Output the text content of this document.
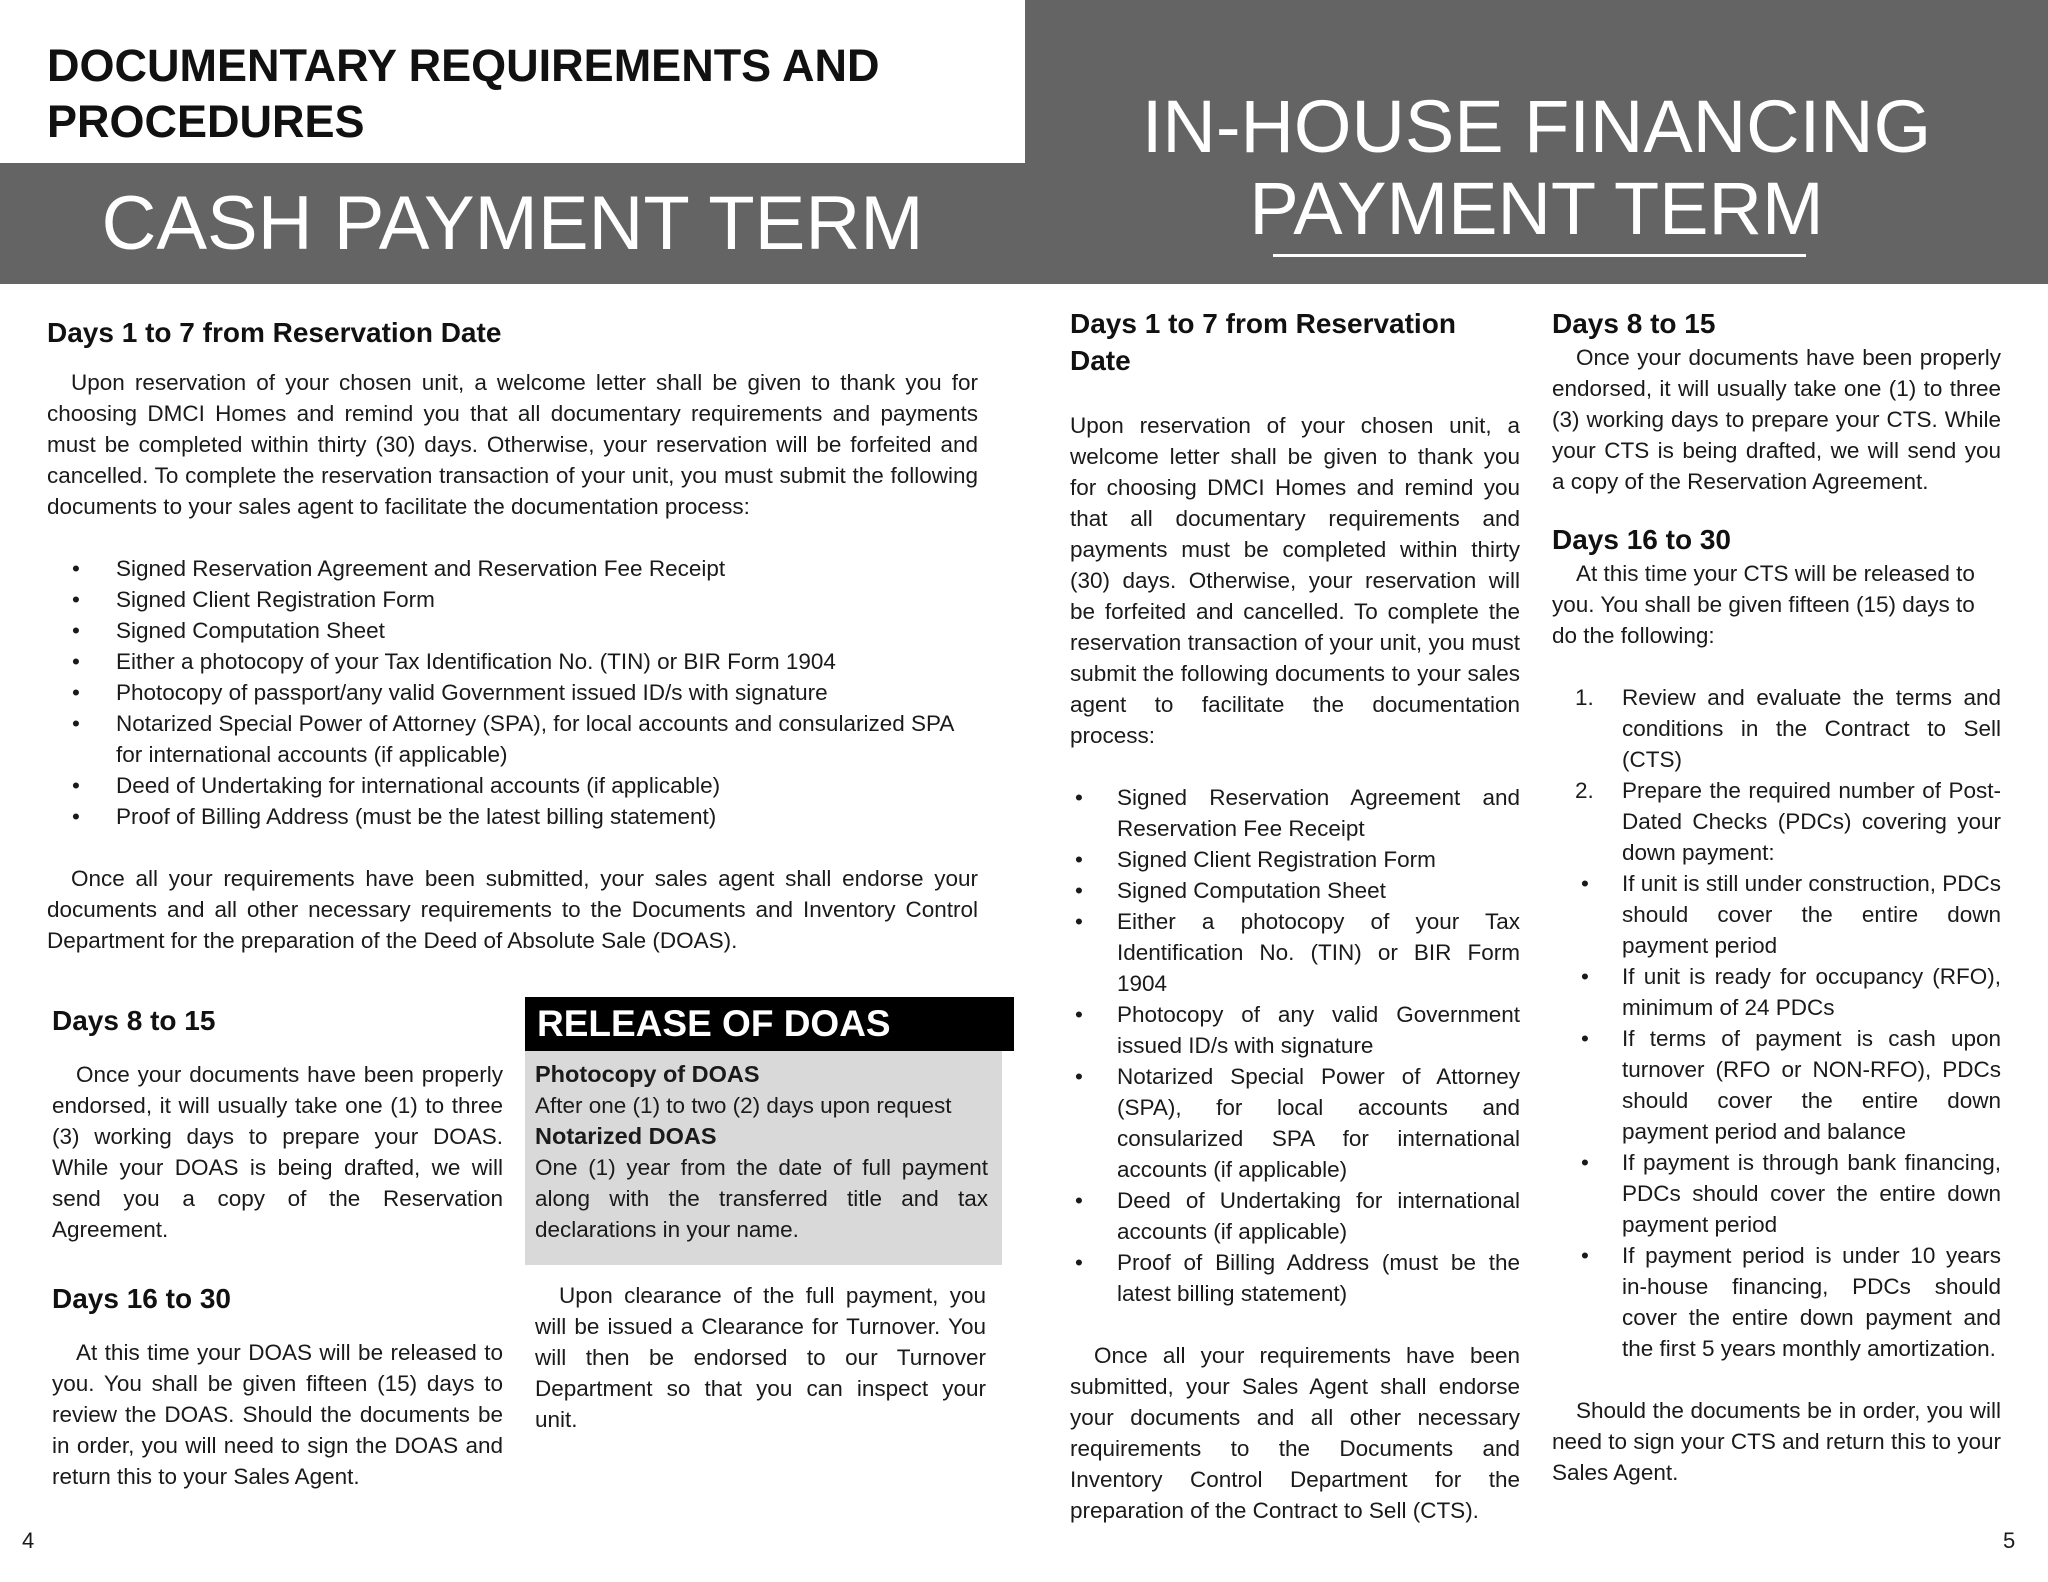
DOCUMENTARY REQUIREMENTS AND PROCEDURES
CASH PAYMENT TERM
IN-HOUSE FINANCING
PAYMENT TERM
Days 1 to 7 from Reservation Date

Upon reservation of your chosen unit, a welcome letter shall be given to thank you for choosing DMCI Homes and remind you that all documentary requirements and payments must be completed within thirty (30) days. Otherwise, your reservation will be forfeited and cancelled. To complete the reservation transaction of your unit, you must submit the following documents to your sales agent to facilitate the documentation process:

• Signed Reservation Agreement and Reservation Fee Receipt
• Signed Client Registration Form
• Signed Computation Sheet
• Either a photocopy of your Tax Identification No. (TIN) or BIR Form 1904
• Photocopy of passport/any valid Government issued ID/s with signature
• Notarized Special Power of Attorney (SPA), for local accounts and consularized SPA for international accounts (if applicable)
• Deed of Undertaking for international accounts (if applicable)
• Proof of Billing Address (must be the latest billing statement)

Once all your requirements have been submitted, your sales agent shall endorse your documents and all other necessary requirements to the Documents and Inventory Control Department for the preparation of the Deed of Absolute Sale (DOAS).

Days 8 to 15

Once your documents have been properly endorsed, it will usually take one (1) to three (3) working days to prepare your DOAS. While your DOAS is being drafted, we will send you a copy of the Reservation Agreement.

Days 16 to 30

At this time your DOAS will be released to you. You shall be given fifteen (15) days to review the DOAS. Should the documents be in order, you will need to sign the DOAS and return this to your Sales Agent.

RELEASE OF DOAS
Photocopy of DOAS

After one (1) to two (2) days upon request

Notarized DOAS

One (1) year from the date of full payment along with the transferred title and tax declarations in your name.

Upon clearance of the full payment, you will be issued a Clearance for Turnover. You will then be endorsed to our Turnover Department so that you can inspect your unit.

4
Days 1 to 7 from Reservation Date

Upon reservation of your chosen unit, a welcome letter shall be given to thank you for choosing DMCI Homes and remind you that all documentary requirements and payments must be completed within thirty (30) days. Otherwise, your reservation will be forfeited and cancelled. To complete the reservation transaction of your unit, you must submit the following documents to your sales agent to facilitate the documentation process:

• Signed Reservation Agreement and Reservation Fee Receipt
• Signed Client Registration Form
• Signed Computation Sheet
• Either a photocopy of your Tax Identification No. (TIN) or BIR Form 1904
• Photocopy of any valid Government issued ID/s with signature
• Notarized Special Power of Attorney (SPA), for local accounts and consularized SPA for international accounts (if applicable)
• Deed of Undertaking for international accounts (if applicable)
• Proof of Billing Address (must be the latest billing statement)

Once all your requirements have been submitted, your Sales Agent shall endorse your documents and all other necessary requirements to the Documents and Inventory Control Department for the preparation of the Contract to Sell (CTS).

Days 8 to 15

Once your documents have been properly endorsed, it will usually take one (1) to three (3) working days to prepare your CTS. While your CTS is being drafted, we will send you a copy of the Reservation Agreement.

Days 16 to 30

At this time your CTS will be released to you. You shall be given fifteen (15) days to do the following:

1. Review and evaluate the terms and conditions in the Contract to Sell (CTS)
2. Prepare the required number of Post-Dated Checks (PDCs) covering your down payment:
• If unit is still under construction, PDCs should cover the entire down payment period
• If unit is ready for occupancy (RFO), minimum of 24 PDCs
• If terms of payment is cash upon turnover (RFO or NON-RFO), PDCs should cover the entire down payment period and balance
• If payment is through bank financing, PDCs should cover the entire down payment period
• If payment period is under 10 years in-house financing, PDCs should cover the entire down payment and the first 5 years monthly amortization.

Should the documents be in order, you will need to sign your CTS and return this to your Sales Agent.

5
